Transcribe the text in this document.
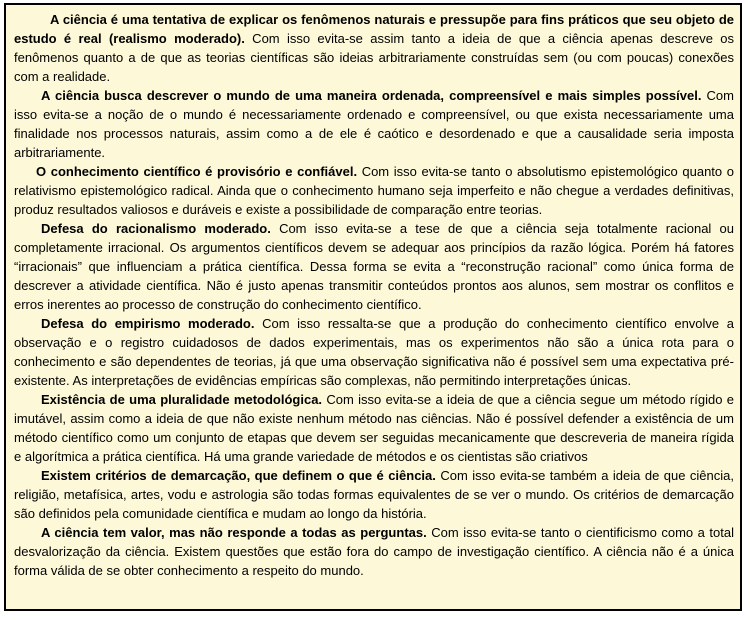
A ciência é uma tentativa de explicar os fenômenos naturais e pressupõe para fins práticos que seu objeto de estudo é real (realismo moderado). Com isso evita-se assim tanto a ideia de que a ciência apenas descreve os fenômenos quanto a de que as teorias científicas são ideias arbitrariamente construídas sem (ou com poucas) conexões com a realidade.

A ciência busca descrever o mundo de uma maneira ordenada, compreensível e mais simples possível. Com isso evita-se a noção de o mundo é necessariamente ordenado e compreensível, ou que exista necessariamente uma finalidade nos processos naturais, assim como a de ele é caótico e desordenado e que a causalidade seria imposta arbitrariamente.

O conhecimento científico é provisório e confiável. Com isso evita-se tanto o absolutismo epistemológico quanto o relativismo epistemológico radical. Ainda que o conhecimento humano seja imperfeito e não chegue a verdades definitivas, produz resultados valiosos e duráveis e existe a possibilidade de comparação entre teorias.

Defesa do racionalismo moderado. Com isso evita-se a tese de que a ciência seja totalmente racional ou completamente irracional. Os argumentos científicos devem se adequar aos princípios da razão lógica. Porém há fatores “irracionais” que influenciam a prática científica. Dessa forma se evita a “reconstrução racional” como única forma de descrever a atividade científica. Não é justo apenas transmitir conteúdos prontos aos alunos, sem mostrar os conflitos e erros inerentes ao processo de construção do conhecimento científico.

Defesa do empirismo moderado. Com isso ressalta-se que a produção do conhecimento científico envolve a observação e o registro cuidadosos de dados experimentais, mas os experimentos não são a única rota para o conhecimento e são dependentes de teorias, já que uma observação significativa não é possível sem uma expectativa pré-existente. As interpretações de evidências empíricas são complexas, não permitindo interpretações únicas.

Existência de uma pluralidade metodológica. Com isso evita-se a ideia de que a ciência segue um método rígido e imutável, assim como a ideia de que não existe nenhum método nas ciências. Não é possível defender a existência de um método científico como um conjunto de etapas que devem ser seguidas mecanicamente que descreveria de maneira rígida e algorítmica a prática científica. Há uma grande variedade de métodos e os cientistas são criativos

Existem critérios de demarcação, que definem o que é ciência. Com isso evita-se também a ideia de que ciência, religião, metafísica, artes, vodu e astrologia são todas formas equivalentes de se ver o mundo. Os critérios de demarcação são definidos pela comunidade científica e mudam ao longo da história.

A ciência tem valor, mas não responde a todas as perguntas. Com isso evita-se tanto o cientificismo como a total desvalorização da ciência. Existem questões que estão fora do campo de investigação científico. A ciência não é a única forma válida de se obter conhecimento a respeito do mundo.
